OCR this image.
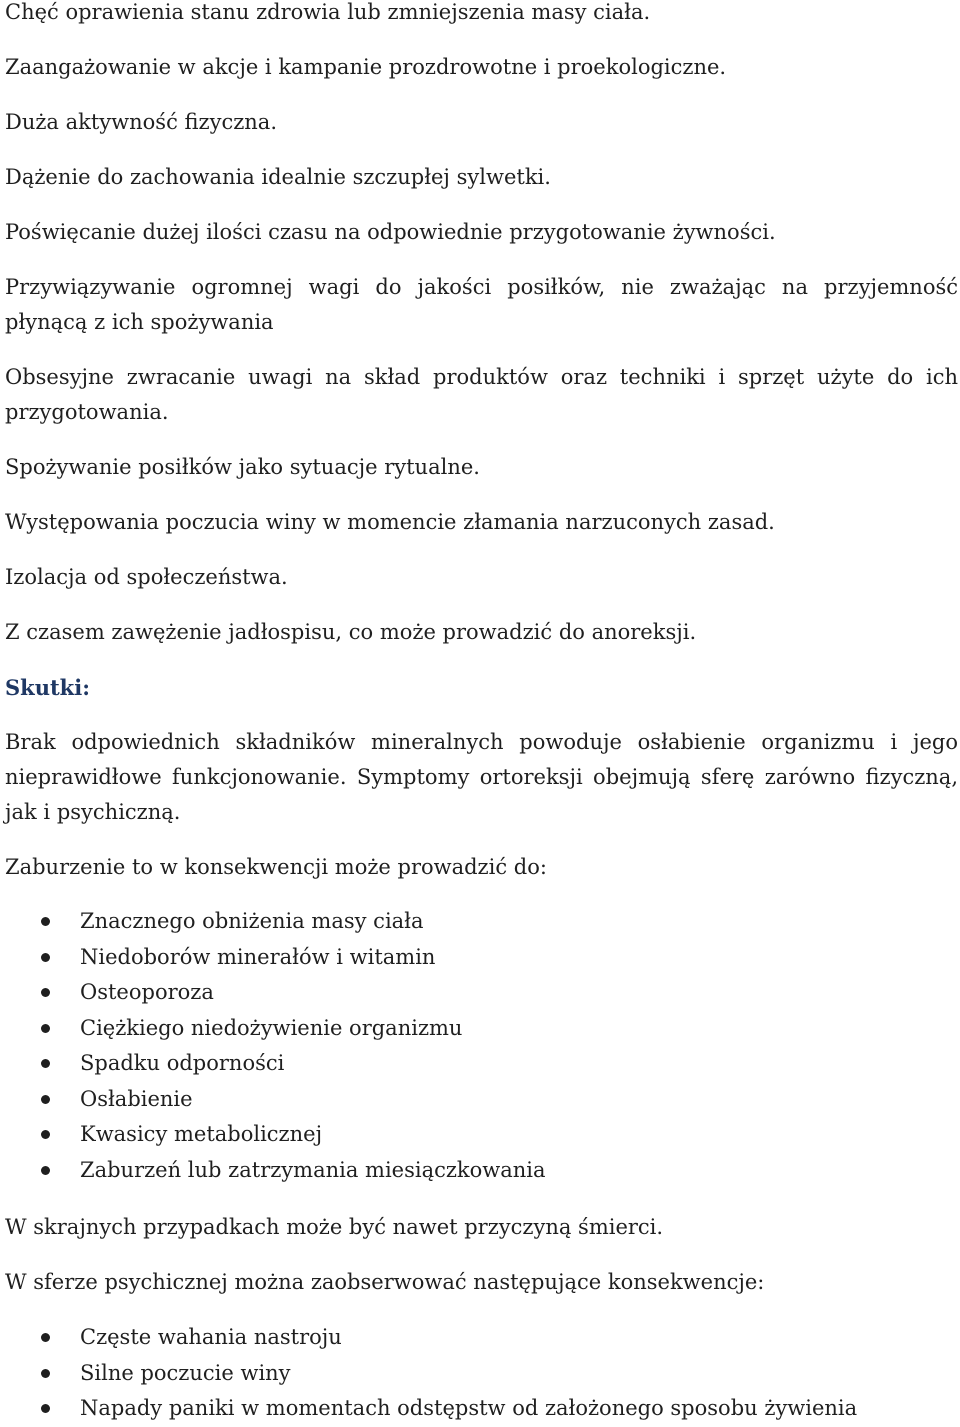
Chęć oprawienia stanu zdrowia lub zmniejszenia masy ciała.

Zaangażowanie w akcje i kampanie prozdrowotne i proekologiczne.

Duża aktywność fizyczna.

Dążenie do zachowania idealnie szczupłej sylwetki.

Poświęcanie dużej ilości czasu na odpowiednie przygotowanie żywności.

Przywiązywanie ogromnej wagi do jakości posiłków, nie zważając na przyjemność
płynącą z ich spożywania
Obsesyjne zwracanie uwagi na skład produktów oraz techniki i sprzęt użyte do ich
przygotowania.

Spożywanie posiłków jako sytuacje rytualne.

Występowania poczucia winy w momencie złamania narzuconych zasad.

Izolacja od społeczeństwa.

Z czasem zawężenie jadłospisu, co może prowadzić do anoreksji.

Skutki:

Brak odpowiednich składników mineralnych powoduje osłabienie organizmu i jego
nieprawidłowe funkcjonowanie. Symptomy ortoreksji obejmują sferę zarówno fizyczną,
jak i psychiczną.

Zaburzenie to w konsekwencji może prowadzić do:

Znacznego obniżenia masy ciała
Niedoborów minerałów i witamin
Osteoporoza
Ciężkiego niedożywienie organizmu
Spadku odporności
Osłabienie
Kwasicy metabolicznej
Zaburzeń lub zatrzymania miesiączkowania

W skrajnych przypadkach może być nawet przyczyną śmierci.

W sferze psychicznej można zaobserwować następujące konsekwencje:

Częste wahania nastroju
Silne poczucie winy
Napady paniki w momentach odstępstw od założonego sposobu żywienia
